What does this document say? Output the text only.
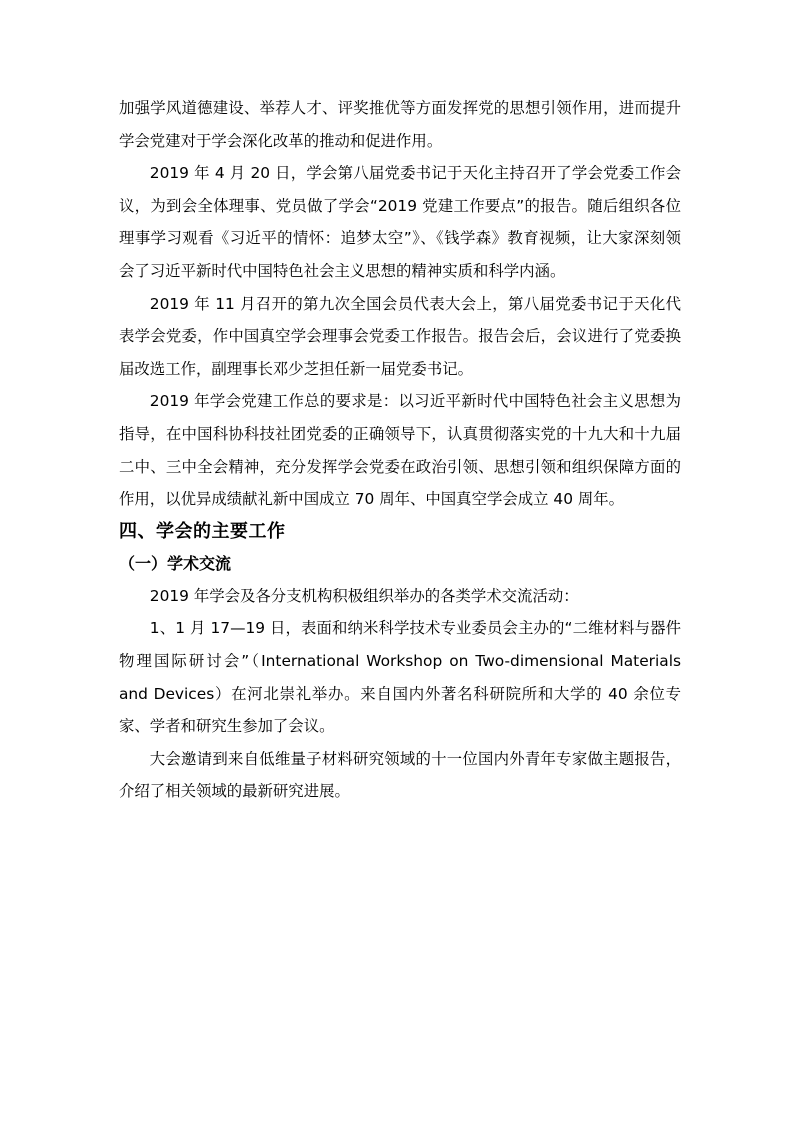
加强学风道德建设、举荐人才、评奖推优等方面发挥党的思想引领作用，进而提升学会党建对于学会深化改革的推动和促进作用。

2019 年 4 月 20 日，学会第八届党委书记于天化主持召开了学会党委工作会议，为到会全体理事、党员做了学会“2019 党建工作要点”的报告。随后组织各位理事学习观看《习近平的情怀：追梦太空”》、《钱学森》教育视频，让大家深刻领会了习近平新时代中国特色社会主义思想的精神实质和科学内涵。

2019 年 11 月召开的第九次全国会员代表大会上，第八届党委书记于天化代表学会党委，作中国真空学会理事会党委工作报告。报告会后，会议进行了党委换届改选工作，副理事长邓少芝担任新一届党委书记。

2019 年学会党建工作总的要求是：以习近平新时代中国特色社会主义思想为指导，在中国科协科技社团党委的正确领导下，认真贯彻落实党的十九大和十九届二中、三中全会精神，充分发挥学会党委在政治引领、思想引领和组织保障方面的作用，以优异成绩献礼新中国成立 70 周年、中国真空学会成立 40 周年。

四、学会的主要工作
（一）学术交流

2019 年学会及各分支机构积极组织举办的各类学术交流活动：

1、1 月 17—19 日，表面和纳米科学技术专业委员会主办的“二维材料与器件物理国际研讨会”（International Workshop on Two-dimensional Materials and Devices）在河北崇礼举办。来自国内外著名科研院所和大学的 40 余位专家、学者和研究生参加了会议。

大会邀请到来自低维量子材料研究领域的十一位国内外青年专家做主题报告，介绍了相关领域的最新研究进展。
